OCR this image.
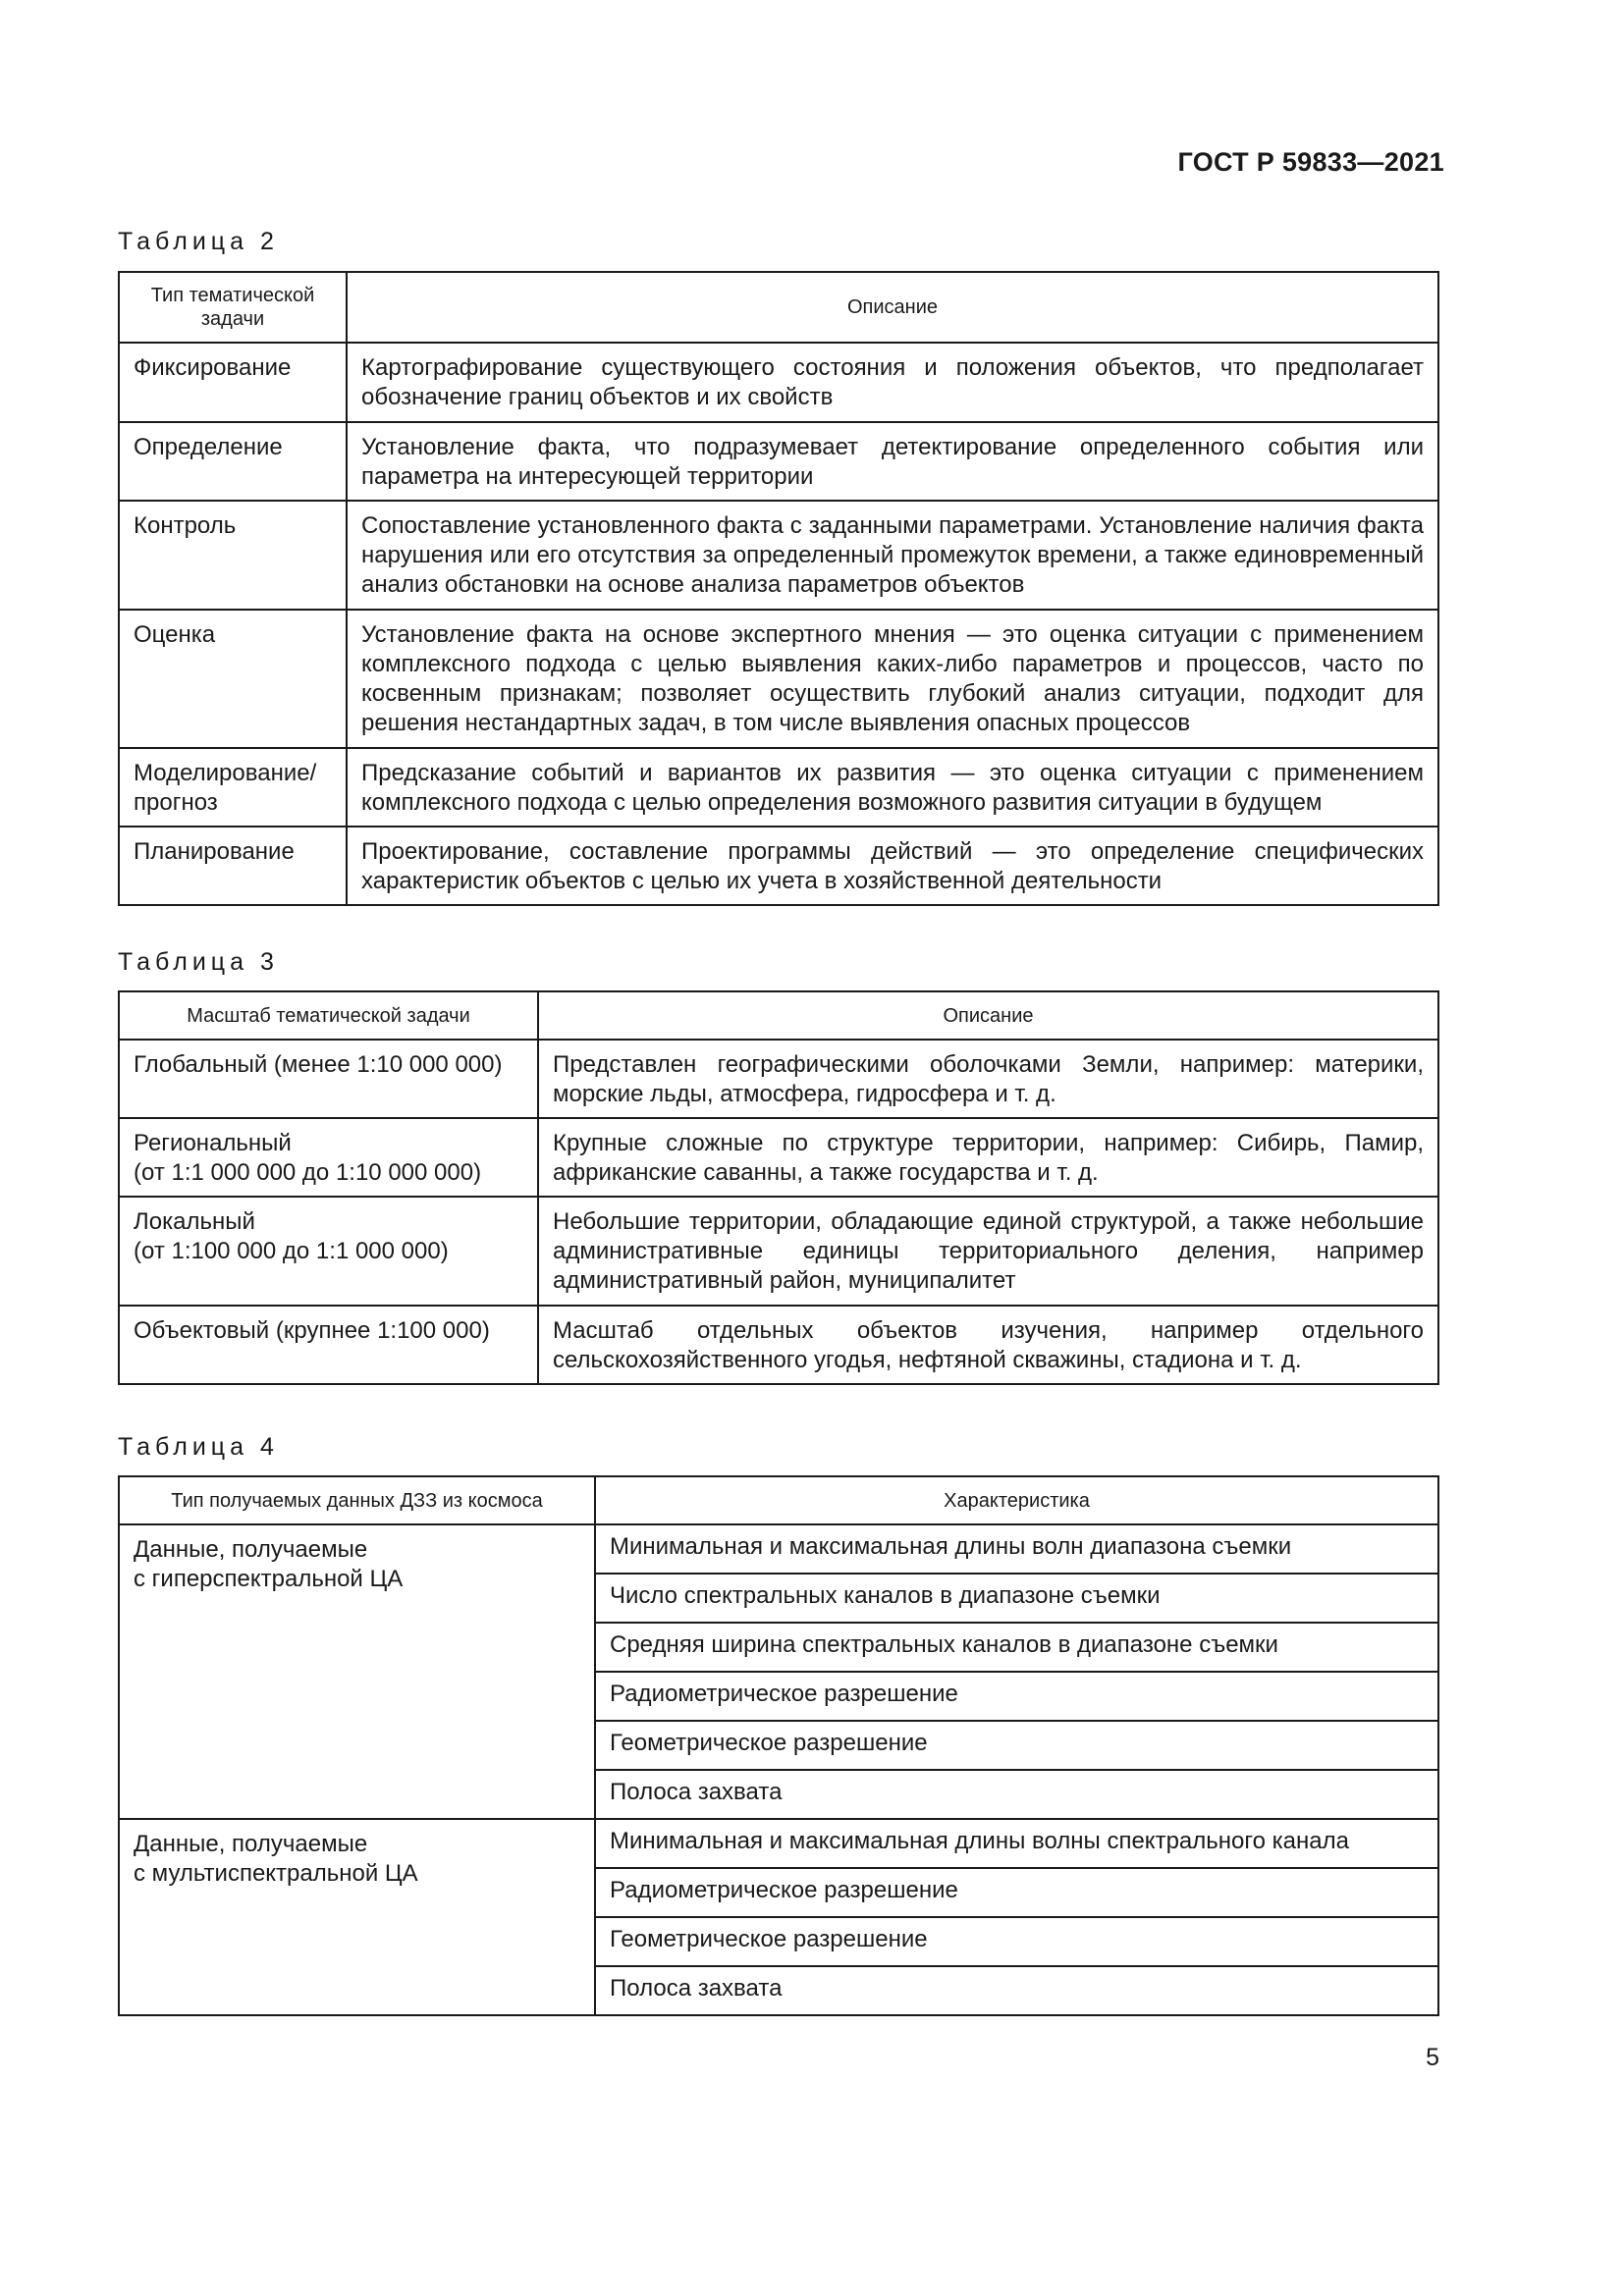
ГОСТ Р 59833—2021
Таблица 2
Тип тематической задачи	Описание
Фиксирование	Картографирование существующего состояния и положения объектов, что предполагает обозначение границ объектов и их свойств
Определение	Установление факта, что подразумевает детектирование определенного события или параметра на интересующей территории
Контроль	Сопоставление установленного факта с заданными параметрами. Установление наличия факта нарушения или его отсутствия за определенный промежуток времени, а также единовременный анализ обстановки на основе анализа параметров объектов
Оценка	Установление факта на основе экспертного мнения — это оценка ситуации с применением комплексного подхода с целью выявления каких-либо параметров и процессов, часто по косвенным признакам; позволяет осуществить глубокий анализ ситуации, подходит для решения нестандартных задач, в том числе выявления опасных процессов
Моделирование/ прогноз	Предсказание событий и вариантов их развития — это оценка ситуации с применением комплексного подхода с целью определения возможного развития ситуации в будущем
Планирование	Проектирование, составление программы действий — это определение специфических характеристик объектов с целью их учета в хозяйственной деятельности
Таблица 3
Масштаб тематической задачи	Описание
Глобальный (менее 1:10 000 000)	Представлен географическими оболочками Земли, например: материки, морские льды, атмосфера, гидросфера и т. д.
Региональный
(от 1:1 000 000 до 1:10 000 000)	Крупные сложные по структуре территории, например: Сибирь, Памир, африканские саванны, а также государства и т. д.
Локальный
(от 1:100 000 до 1:1 000 000)	Небольшие территории, обладающие единой структурой, а также небольшие административные единицы территориального деления, например административный район, муниципалитет
Объектовый (крупнее 1:100 000)	Масштаб отдельных объектов изучения, например отдельного сельскохозяйственного угодья, нефтяной скважины, стадиона и т. д.
Таблица 4
Тип получаемых данных ДЗЗ из космоса	Характеристика
Данные, получаемые
с гиперспектральной ЦА	Минимальная и максимальная длины волн диапазона съемки
	Число спектральных каналов в диапазоне съемки
	Средняя ширина спектральных каналов в диапазоне съемки
	Радиометрическое разрешение
	Геометрическое разрешение
	Полоса захвата
Данные, получаемые
с мультиспектральной ЦА	Минимальная и максимальная длины волны спектрального канала
	Радиометрическое разрешение
	Геометрическое разрешение
	Полоса захвата
5
